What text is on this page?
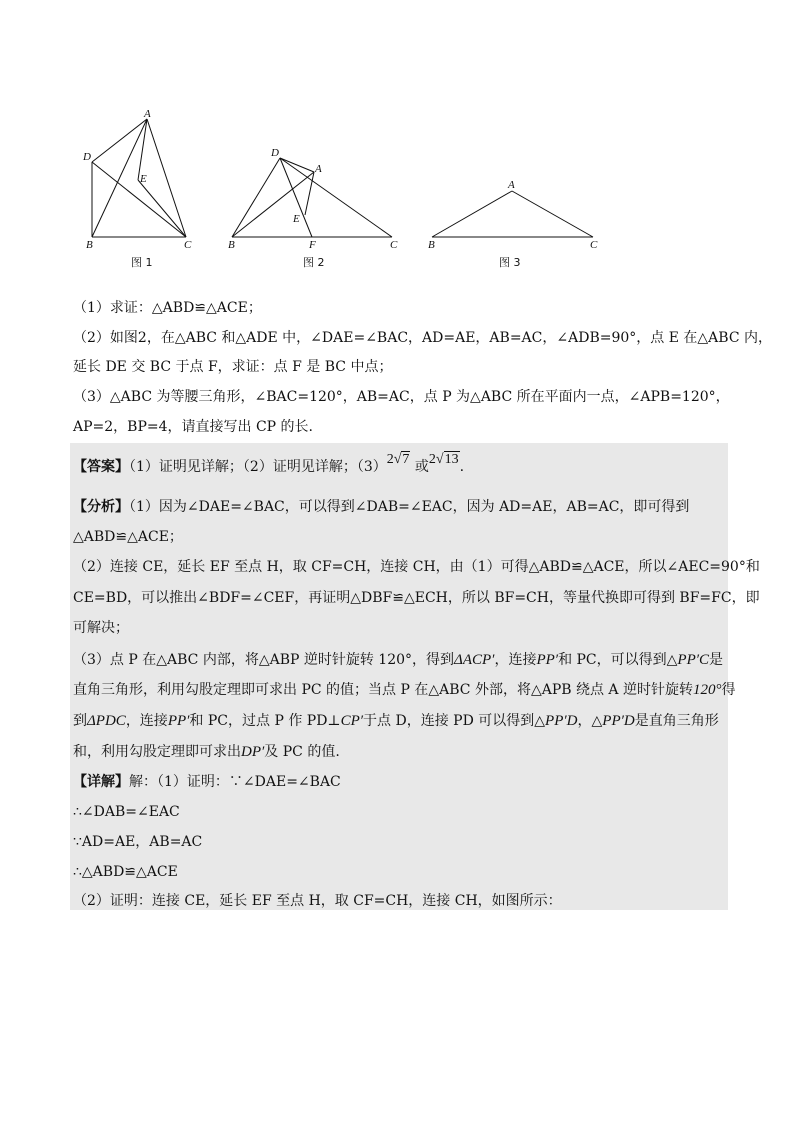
A
D
E
B	C
图 1
D
A
E
B	F	C
图 2
A
B	C
图 3
（1）求证：△ABD≌△ACE；
（2）如图2，在△ABC 和△ADE 中，∠DAE=∠BAC，AD=AE，AB=AC，∠ADB=90°，点 E 在△ABC 内，
延长 DE 交 BC 于点 F，求证：点 F 是 BC 中点；
（3）△ABC 为等腰三角形，∠BAC=120°，AB=AC，点 P 为△ABC 所在平面内一点，∠APB=120°，
AP=2，BP=4，请直接写出 CP 的长.
【答案】（1）证明见详解；（2）证明见详解；（3）2√7 或2√13.
【分析】（1）因为∠DAE=∠BAC，可以得到∠DAB=∠EAC，因为 AD=AE，AB=AC，即可得到
△ABD≌△ACE；
（2）连接 CE，延长 EF 至点 H，取 CF=CH，连接 CH，由（1）可得△ABD≌△ACE，所以∠AEC=90°和
CE=BD，可以推出∠BDF=∠CEF，再证明△DBF≌△ECH，所以 BF=CH，等量代换即可得到 BF=FC，即
可解决；
（3）点 P 在△ABC 内部，将△ABP 逆时针旋转 120°，得到ΔACP′，连接PP′和 PC，可以得到△PP′C是
直角三角形，利用勾股定理即可求出 PC 的值；当点 P 在△ABC 外部，将△APB 绕点 A 逆时针旋转120°得
到ΔPDC，连接PP′和 PC，过点 P 作 PD⊥CP′于点 D，连接 PD 可以得到△PP′D，△PP′D是直角三角形
和，利用勾股定理即可求出DP′及 PC 的值.
【详解】解：（1）证明：∵∠DAE=∠BAC
∴∠DAB=∠EAC
∵AD=AE，AB=AC
∴△ABD≌△ACE
（2）证明：连接 CE，延长 EF 至点 H，取 CF=CH，连接 CH，如图所示：
